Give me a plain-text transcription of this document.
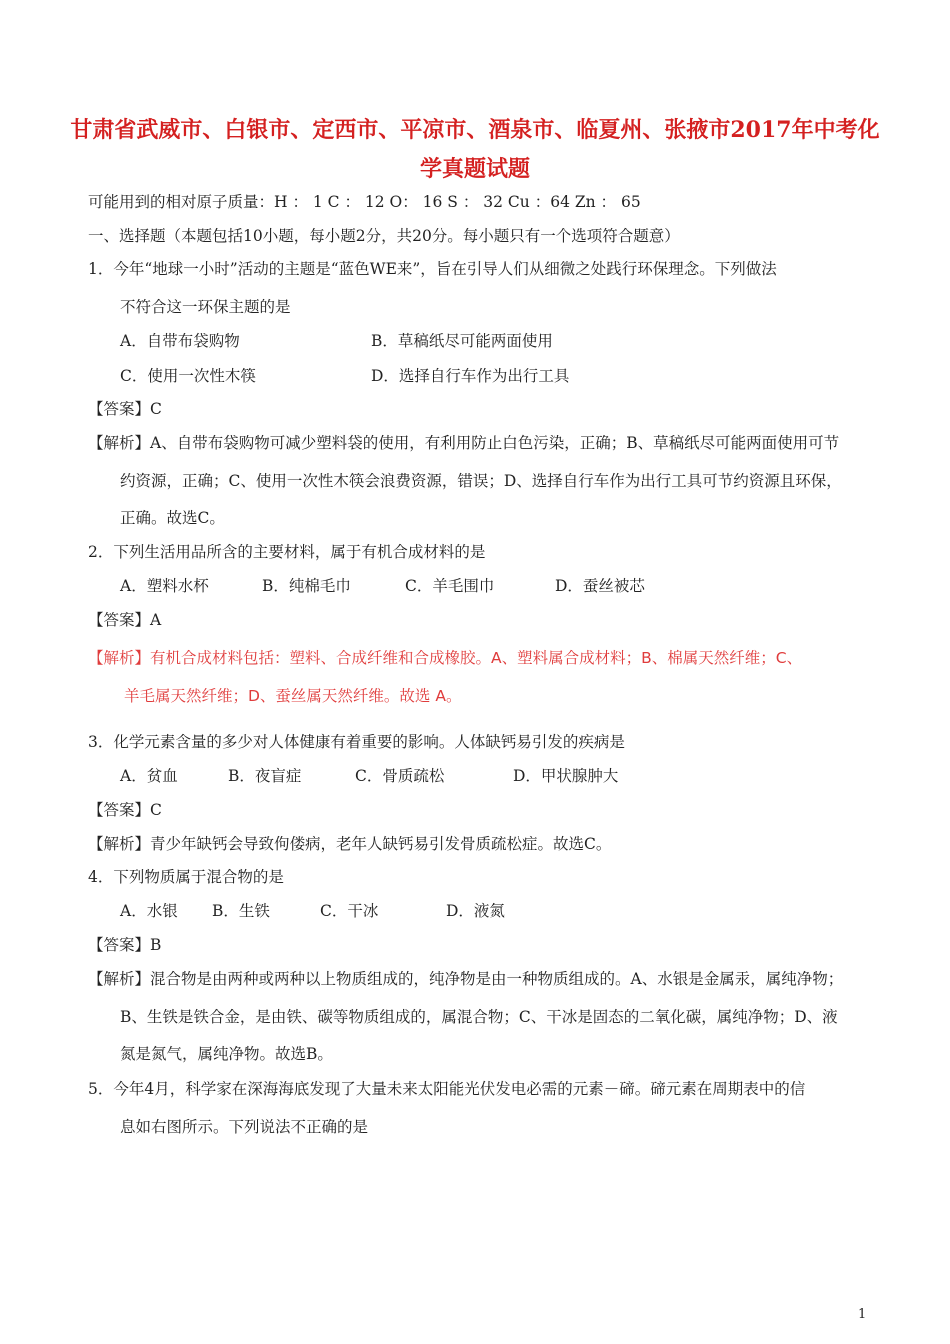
甘肃省武威市、白银市、定西市、平凉市、酒泉市、临夏州、张掖市2017年中考化
学真题试题
可能用到的相对原子质量：H ： 1 C ： 12 O： 16 S ： 32 Cu ：64 Zn ： 65
一、选择题（本题包括10小题，每小题2分，共20分。每小题只有一个选项符合题意）
1．今年“地球一小时”活动的主题是“蓝色WE来”，旨在引导人们从细微之处践行环保理念。下列做法
不符合这一环保主题的是
A．自带布袋购物	B．草稿纸尽可能两面使用
C．使用一次性木筷	D．选择自行车作为出行工具
【答案】C
【解析】A、自带布袋购物可减少塑料袋的使用，有利用防止白色污染，正确；B、草稿纸尽可能两面使用可节
约资源，正确；C、使用一次性木筷会浪费资源，错误；D、选择自行车作为出行工具可节约资源且环保，
正确。故选C。
2．下列生活用品所含的主要材料，属于有机合成材料的是
A．塑料水杯	B．纯棉毛巾	C．羊毛围巾	D．蚕丝被芯
【答案】A
【解析】有机合成材料包括：塑料、合成纤维和合成橡胶。A、塑料属合成材料；B、棉属天然纤维；C、
羊毛属天然纤维；D、蚕丝属天然纤维。故选 A。
3．化学元素含量的多少对人体健康有着重要的影响。人体缺钙易引发的疾病是
A．贫血	B．夜盲症	C．骨质疏松	D．甲状腺肿大
【答案】C
【解析】青少年缺钙会导致佝偻病，老年人缺钙易引发骨质疏松症。故选C。
4．下列物质属于混合物的是
A．水银 B．生铁	C．干冰	D．液氮
【答案】B
【解析】混合物是由两种或两种以上物质组成的，纯净物是由一种物质组成的。A、水银是金属汞，属纯净物；
B、生铁是铁合金，是由铁、碳等物质组成的，属混合物；C、干冰是固态的二氧化碳，属纯净物；D、液
氮是氮气，属纯净物。故选B。
5．今年4月，科学家在深海海底发现了大量未来太阳能光伏发电必需的元素－碲。碲元素在周期表中的信
息如右图所示。下列说法不正确的是
1
